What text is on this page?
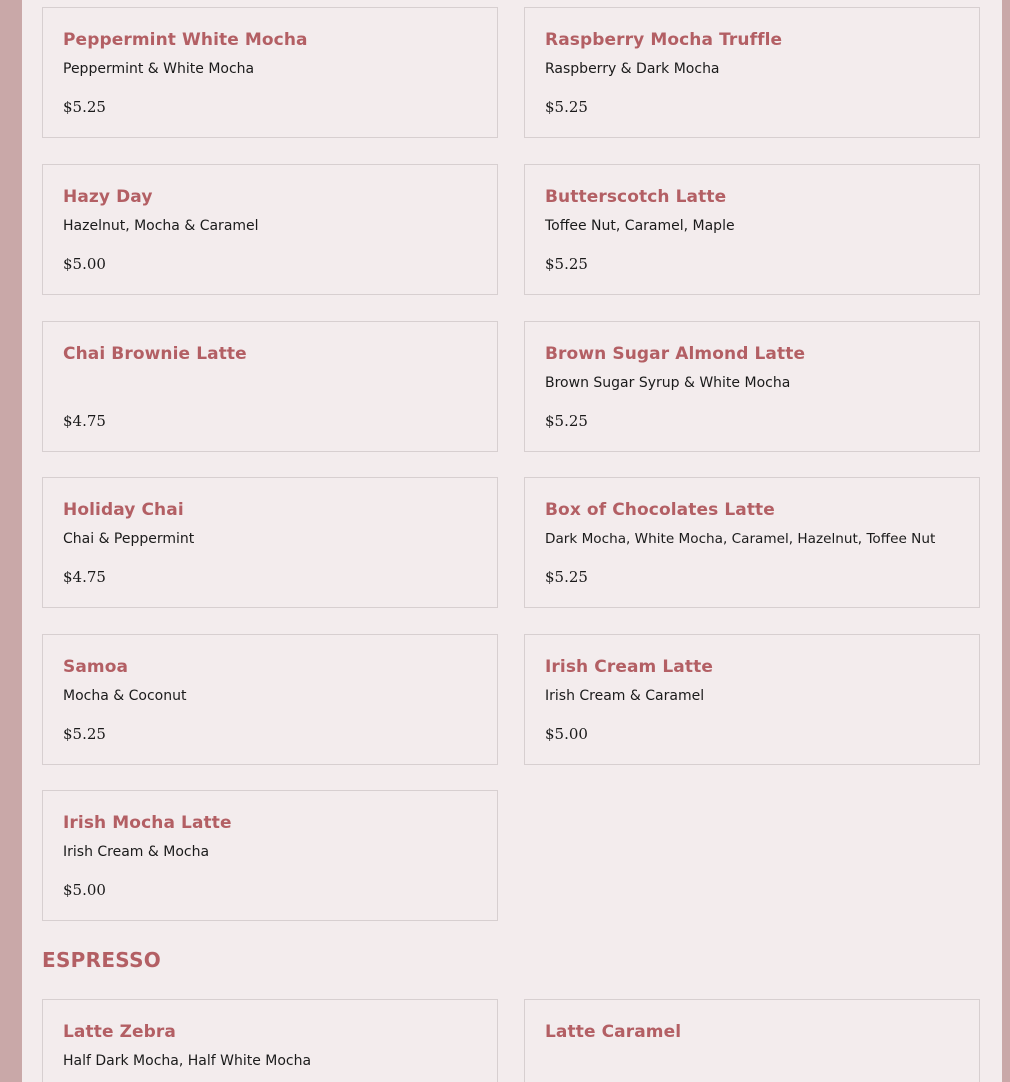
Peppermint White Mocha
Peppermint & White Mocha
$5.25
Raspberry Mocha Truffle
Raspberry & Dark Mocha
$5.25
Hazy Day
Hazelnut, Mocha & Caramel
$5.00
Butterscotch Latte
Toffee Nut, Caramel, Maple
$5.25
Chai Brownie Latte
$4.75
Brown Sugar Almond Latte
Brown Sugar Syrup & White Mocha
$5.25
Holiday Chai
Chai & Peppermint
$4.75
Box of Chocolates Latte
Dark Mocha, White Mocha, Caramel, Hazelnut, Toffee Nut
$5.25
Samoa
Mocha & Coconut
$5.25
Irish Cream Latte
Irish Cream & Caramel
$5.00
Irish Mocha Latte
Irish Cream & Mocha
$5.00
ESPRESSO
Latte Zebra
Half Dark Mocha, Half White Mocha
Latte Caramel
